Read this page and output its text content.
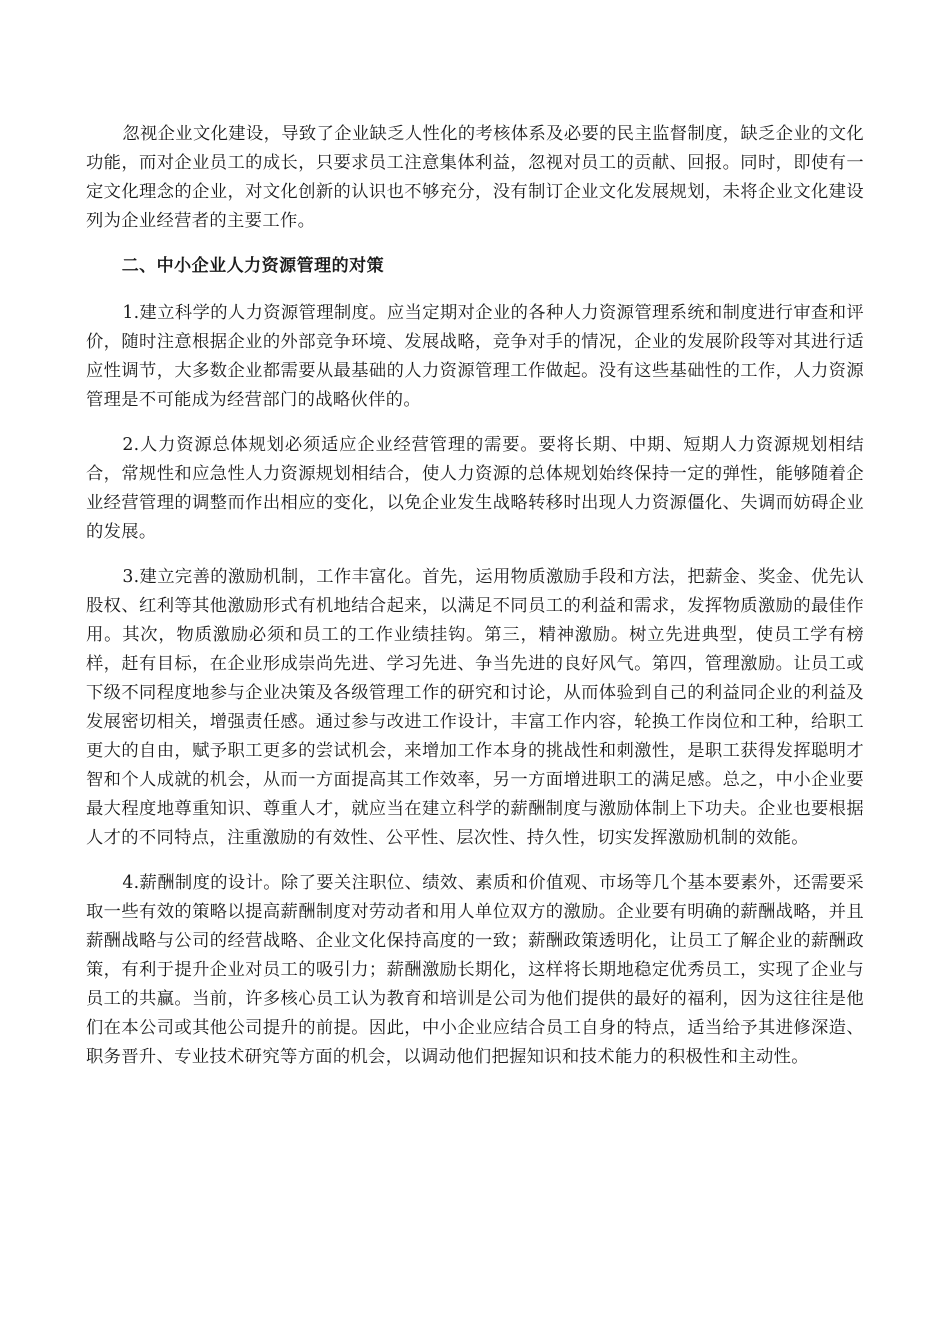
忽视企业文化建设，导致了企业缺乏人性化的考核体系及必要的民主监督制度，缺乏企业的文化功能，而对企业员工的成长，只要求员工注意集体利益，忽视对员工的贡献、回报。同时，即使有一定文化理念的企业，对文化创新的认识也不够充分，没有制订企业文化发展规划，未将企业文化建设列为企业经营者的主要工作。

二、中小企业人力资源管理的对策

1.建立科学的人力资源管理制度。应当定期对企业的各种人力资源管理系统和制度进行审查和评价，随时注意根据企业的外部竞争环境、发展战略，竞争对手的情况，企业的发展阶段等对其进行适应性调节，大多数企业都需要从最基础的人力资源管理工作做起。没有这些基础性的工作，人力资源管理是不可能成为经营部门的战略伙伴的。

2.人力资源总体规划必须适应企业经营管理的需要。要将长期、中期、短期人力资源规划相结合，常规性和应急性人力资源规划相结合，使人力资源的总体规划始终保持一定的弹性，能够随着企业经营管理的调整而作出相应的变化，以免企业发生战略转移时出现人力资源僵化、失调而妨碍企业的发展。

3.建立完善的激励机制，工作丰富化。首先，运用物质激励手段和方法，把薪金、奖金、优先认股权、红利等其他激励形式有机地结合起来，以满足不同员工的利益和需求，发挥物质激励的最佳作用。其次，物质激励必须和员工的工作业绩挂钩。第三，精神激励。树立先进典型，使员工学有榜样，赶有目标，在企业形成崇尚先进、学习先进、争当先进的良好风气。第四，管理激励。让员工或下级不同程度地参与企业决策及各级管理工作的研究和讨论，从而体验到自己的利益同企业的利益及发展密切相关，增强责任感。通过参与改进工作设计，丰富工作内容，轮换工作岗位和工种，给职工更大的自由，赋予职工更多的尝试机会，来增加工作本身的挑战性和刺激性，是职工获得发挥聪明才智和个人成就的机会，从而一方面提高其工作效率，另一方面增进职工的满足感。总之，中小企业要最大程度地尊重知识、尊重人才，就应当在建立科学的薪酬制度与激励体制上下功夫。企业也要根据人才的不同特点，注重激励的有效性、公平性、层次性、持久性，切实发挥激励机制的效能。

4.薪酬制度的设计。除了要关注职位、绩效、素质和价值观、市场等几个基本要素外，还需要采取一些有效的策略以提高薪酬制度对劳动者和用人单位双方的激励。企业要有明确的薪酬战略，并且薪酬战略与公司的经营战略、企业文化保持高度的一致；薪酬政策透明化，让员工了解企业的薪酬政策，有利于提升企业对员工的吸引力；薪酬激励长期化，这样将长期地稳定优秀员工，实现了企业与员工的共赢。当前，许多核心员工认为教育和培训是公司为他们提供的最好的福利，因为这往往是他们在本公司或其他公司提升的前提。因此，中小企业应结合员工自身的特点，适当给予其进修深造、职务晋升、专业技术研究等方面的机会，以调动他们把握知识和技术能力的积极性和主动性。
